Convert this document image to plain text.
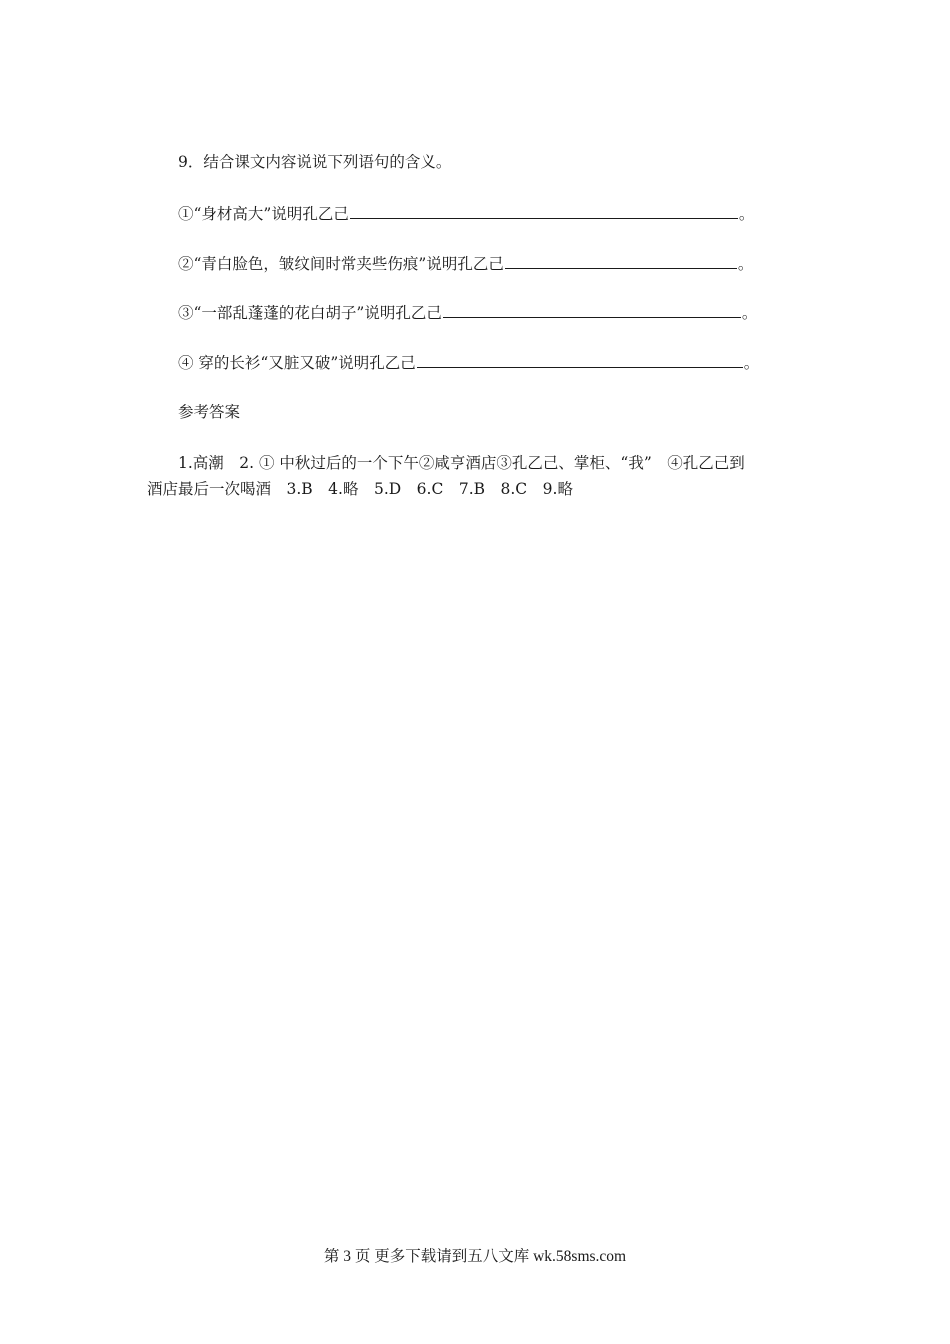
9．结合课文内容说说下列语句的含义。
①“身材高大”说明孔乙己	。
②“青白脸色，皱纹间时常夹些伤痕”说明孔乙己	。
③“一部乱蓬蓬的花白胡子”说明孔乙己	。
④ 穿的长衫“又脏又破”说明孔乙己	。
参考答案
1.高潮　2. ① 中秋过后的一个下午②咸亨酒店③孔乙己、掌柜、“我”　④孔乙己到
酒店最后一次喝酒　3.B　4.略　5.D　6.C　7.B　8.C　9.略
第 3 页 更多下载请到五八文库 wk.58sms.com
